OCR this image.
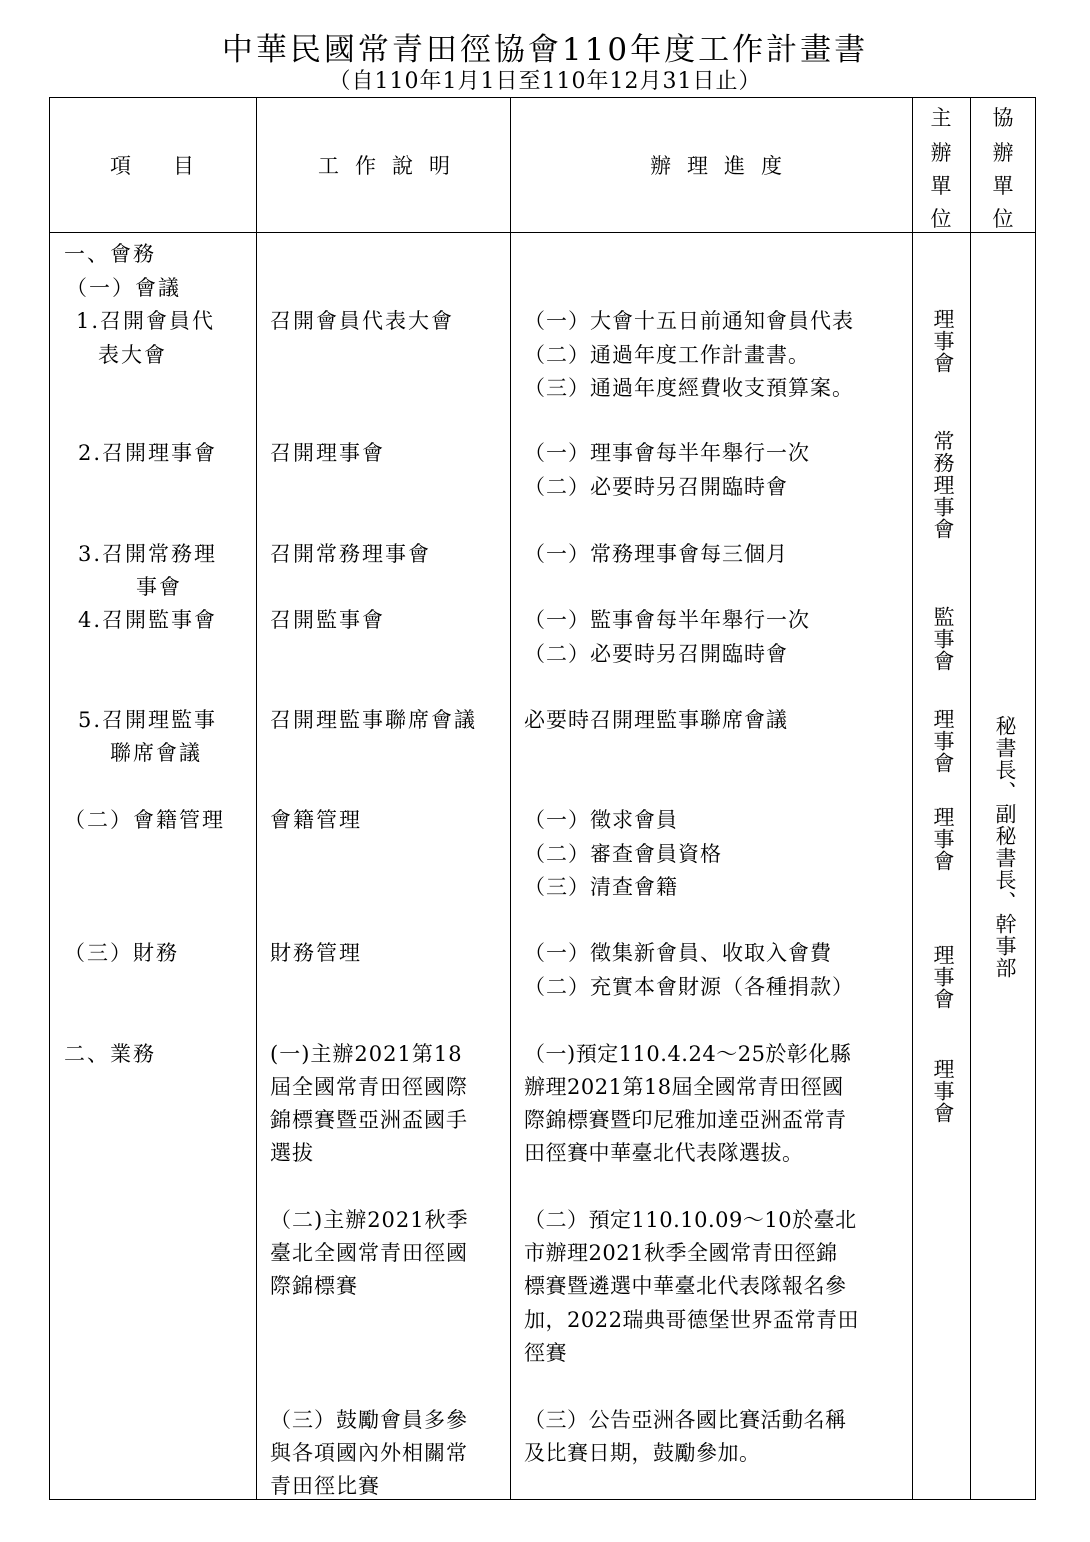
中華民國常青田徑協會110年度工作計畫書
（自110年1月1日至110年12月31日止）
項　　目	工作說明	辦理進度
主
辦
單
位
協
辦
單
位
一、會務
（一）會議
1.召開會員代
表大會
2.召開理事會
3.召開常務理
事會
4.召開監事會
5.召開理監事
聯席會議
（二）會籍管理
（三）財務
二、業務
召開會員代表大會
召開理事會
召開常務理事會
召開監事會
召開理監事聯席會議
會籍管理
財務管理
(一)主辦2021第18
屆全國常青田徑國際
錦標賽暨亞洲盃國手
選拔
（二)主辦2021秋季
臺北全國常青田徑國
際錦標賽
（三）鼓勵會員多參
與各項國內外相關常
青田徑比賽
（一）大會十五日前通知會員代表
（二）通過年度工作計畫書。
（三）通過年度經費收支預算案。
（一）理事會每半年舉行一次
（二）必要時另召開臨時會
（一）常務理事會每三個月
（一）監事會每半年舉行一次
（二）必要時另召開臨時會
必要時召開理監事聯席會議
（一）徵求會員
（二）審查會員資格
（三）清查會籍
（一）徵集新會員、收取入會費
（二）充實本會財源（各種捐款）
（一)預定110.4.24～25於彰化縣
辦理2021第18屆全國常青田徑國
際錦標賽暨印尼雅加達亞洲盃常青
田徑賽中華臺北代表隊選拔。
（二）預定110.10.09～10於臺北
市辦理2021秋季全國常青田徑錦
標賽暨遴選中華臺北代表隊報名參
加，2022瑞典哥德堡世界盃常青田
徑賽
（三）公告亞洲各國比賽活動名稱
及比賽日期，鼓勵參加。
理事會
常務理事會
監事會
理事會
理事會
理事會
理事會
秘書長、副秘書長、幹事部
